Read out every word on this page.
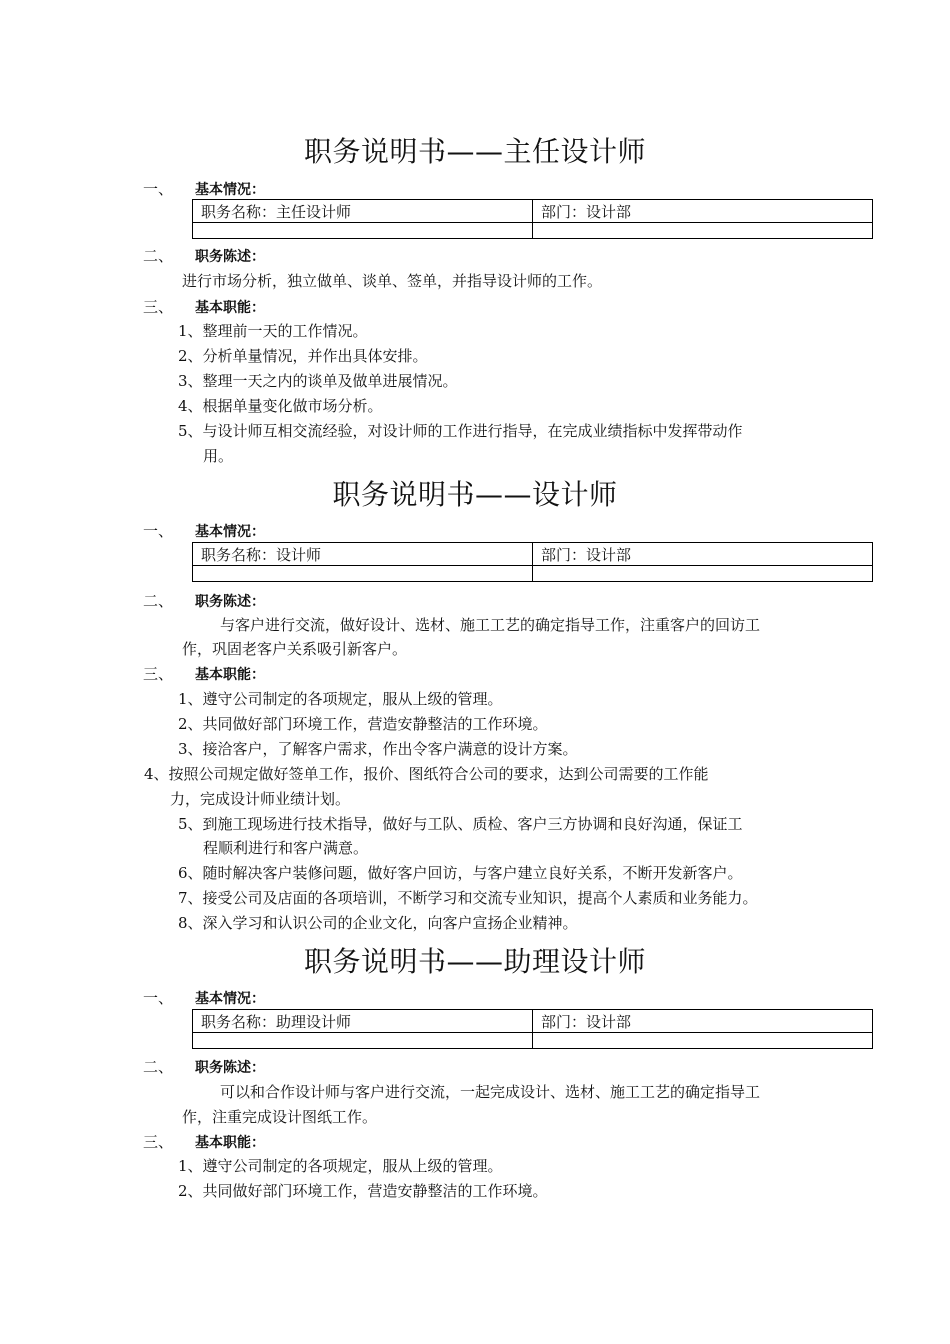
职务说明书——主任设计师
一、 基本情况：
职务名称：主任设计师	部门：设计部

二、 职务陈述：
进行市场分析，独立做单、谈单、签单，并指导设计师的工作。
三、 基本职能：
1、整理前一天的工作情况。
2、分析单量情况，并作出具体安排。
3、整理一天之内的谈单及做单进展情况。
4、根据单量变化做市场分析。
5、与设计师互相交流经验，对设计师的工作进行指导，在完成业绩指标中发挥带动作
用。
职务说明书——设计师
一、 基本情况：
职务名称：设计师	部门：设计部

二、 职务陈述：
与客户进行交流，做好设计、选材、施工工艺的确定指导工作，注重客户的回访工
作，巩固老客户关系吸引新客户。
三、 基本职能：
1、遵守公司制定的各项规定，服从上级的管理。
2、共同做好部门环境工作，营造安静整洁的工作环境。
3、接洽客户，了解客户需求，作出令客户满意的设计方案。
4、按照公司规定做好签单工作，报价、图纸符合公司的要求，达到公司需要的工作能
力，完成设计师业绩计划。
5、到施工现场进行技术指导，做好与工队、质检、客户三方协调和良好沟通，保证工
程顺利进行和客户满意。
6、随时解决客户装修问题，做好客户回访，与客户建立良好关系，不断开发新客户。
7、接受公司及店面的各项培训，不断学习和交流专业知识，提高个人素质和业务能力。
8、深入学习和认识公司的企业文化，向客户宣扬企业精神。
职务说明书——助理设计师
一、 基本情况：
职务名称：助理设计师	部门：设计部

二、 职务陈述：
可以和合作设计师与客户进行交流，一起完成设计、选材、施工工艺的确定指导工
作，注重完成设计图纸工作。
三、 基本职能：
1、遵守公司制定的各项规定，服从上级的管理。
2、共同做好部门环境工作，营造安静整洁的工作环境。
